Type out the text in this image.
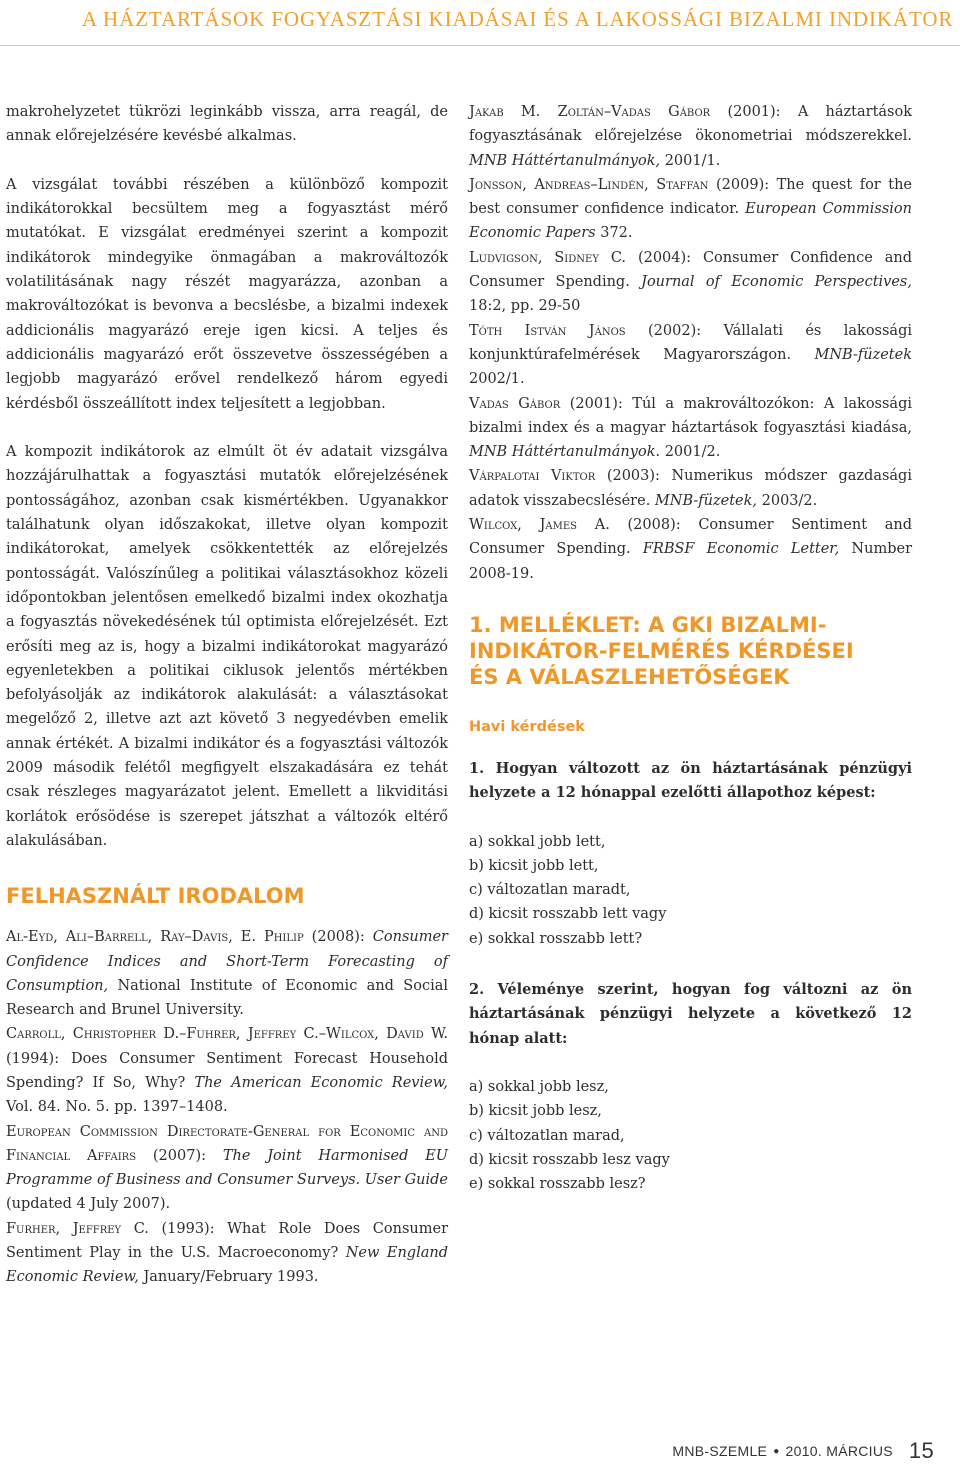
A HÁZTARTÁSOK FOGYASZTÁSI KIADÁSAI ÉS A LAKOSSÁGI BIZALMI INDIKÁTOR

makrohelyzetet tükrözi leginkább vissza, arra reagál, de annak előrejelzésére kevésbé alkalmas.

A vizsgálat további részében a különböző kompozit indikátorokkal becsültem meg a fogyasztást mérő mutatókat. E vizsgálat eredményei szerint a kompozit indikátorok mindegyike önmagában a makrováltozók volatilitásának nagy részét magyarázza, azonban a makrováltozókat is bevonva a becslésbe, a bizalmi indexek addicionális magyarázó ereje igen kicsi. A teljes és addicionális magyarázó erőt összevetve összességében a legjobb magyarázó erővel rendelkező három egyedi kérdésből összeállított index teljesített a legjobban.

A kompozit indikátorok az elmúlt öt év adatait vizsgálva hozzájárulhattak a fogyasztási mutatók előrejelzésének pontosságához, azonban csak kismértékben. Ugyanakkor találhatunk olyan időszakokat, illetve olyan kompozit indikátorokat, amelyek csökkentették az előrejelzés pontosságát. Valószínűleg a politikai választásokhoz közeli időpontokban jelentősen emelkedő bizalmi index okozhatja a fogyasztás növekedésének túl optimista előrejelzését. Ezt erősíti meg az is, hogy a bizalmi indikátorokat magyarázó egyenletekben a politikai ciklusok jelentős mértékben befolyásolják az indikátorok alakulását: a választásokat megelőző 2, illetve azt azt követő 3 negyedévben emelik annak értékét. A bizalmi indikátor és a fogyasztási változók 2009 második felétől megfigyelt elszakadására ez tehát csak részleges magyarázatot jelent. Emellett a likviditási korlátok erősödése is szerepet játszhat a változók eltérő alakulásában.

FELHASZNÁLT IRODALOM

Al-Eyd, Ali–Barrell, Ray–Davis, E. Philip (2008): Consumer Confidence Indices and Short-Term Forecasting of Consumption, National Institute of Economic and Social Research and Brunel University.

Carroll, Christopher D.–Fuhrer, Jeffrey C.–Wilcox, David W. (1994): Does Consumer Sentiment Forecast Household Spending? If So, Why? The American Economic Review, Vol. 84. No. 5. pp. 1397–1408.

European Commission Directorate-General for Economic and Financial Affairs (2007): The Joint Harmonised EU Programme of Business and Consumer Surveys. User Guide (updated 4 July 2007).

Furher, Jeffrey C. (1993): What Role Does Consumer Sentiment Play in the U.S. Macroeconomy? New England Economic Review, January/February 1993.

Jakab M. Zoltán–Vadas Gábor (2001): A háztartások fogyasztásának előrejelzése ökonometriai módszerekkel. MNB Háttértanulmányok, 2001/1.

Jonsson, Andreas–Lindén, Staffan (2009): The quest for the best consumer confidence indicator. European Commission Economic Papers 372.

Ludvigson, Sidney C. (2004): Consumer Confidence and Consumer Spending. Journal of Economic Perspectives, 18:2, pp. 29-50

Tóth István János (2002): Vállalati és lakossági konjunktúrafelmérések Magyarországon. MNB-füzetek 2002/1.

Vadas Gábor (2001): Túl a makrováltozókon: A lakossági bizalmi index és a magyar háztartások fogyasztási kiadása, MNB Háttértanulmányok. 2001/2.

Várpalotai Viktor (2003): Numerikus módszer gazdasági adatok visszabecslésére. MNB-füzetek, 2003/2.

Wilcox, James A. (2008): Consumer Sentiment and Consumer Spending. FRBSF Economic Letter, Number 2008-19.

1. MELLÉKLET: A GKI BIZALMI-
INDIKÁTOR-FELMÉRÉS KÉRDÉSEI
ÉS A VÁLASZLEHETŐSÉGEK
Havi kérdések

1. Hogyan változott az ön háztartásának pénzügyi helyzete a 12 hónappal ezelőtti állapothoz képest:

a) sokkal jobb lett,
b) kicsit jobb lett,
c) változatlan maradt,
d) kicsit rosszabb lett vagy
e) sokkal rosszabb lett?

2. Véleménye szerint, hogyan fog változni az ön háztartásának pénzügyi helyzete a következő 12 hónap alatt:

a) sokkal jobb lesz,
b) kicsit jobb lesz,
c) változatlan marad,
d) kicsit rosszabb lesz vagy
e) sokkal rosszabb lesz?
MNB-SZEMLE ● 2010. MÁRCIUS 15
